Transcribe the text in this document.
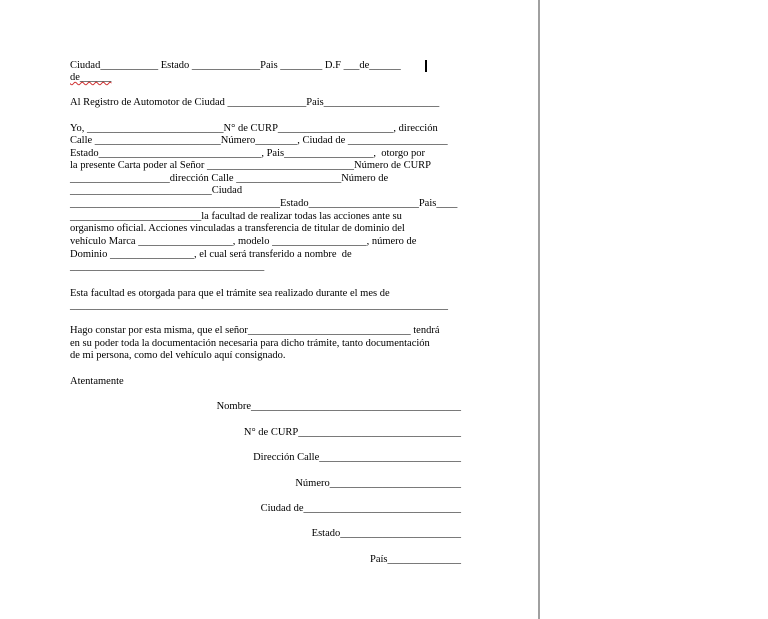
Ciudad___________ Estado _____________Pais ________ D.F ___de______
de______
Al Registro de Automotor de Ciudad _______________Pais______________________
Yo, __________________________N° de CURP______________________, dirección
Calle ________________________Número________, Ciudad de ___________________
Estado_______________________________, Pais_________________,  otorgo por
la presente Carta poder al Señor ____________________________Número de CURP
___________________dirección Calle ____________________Número de
___________________________Ciudad
________________________________________Estado_____________________Pais____
_________________________la facultad de realizar todas las acciones ante su
organismo oficial. Acciones vinculadas a transferencia de titular de dominio del
vehículo Marca __________________, modelo __________________, número de
Dominio ________________, el cual será transferido a nombre  de
_____________________________________
Esta facultad es otorgada para que el trámite sea realizado durante el mes de
________________________________________________________________________
Hago constar por esta misma, que el señor_______________________________ tendrá
en su poder toda la documentación necesaria para dicho trámite, tanto documentación
de mi persona, como del vehículo aquí consignado.
Atentamente
Nombre________________________________________
N° de CURP_______________________________
Dirección Calle___________________________
Número_________________________
Ciudad de______________________________
Estado_______________________
País______________
